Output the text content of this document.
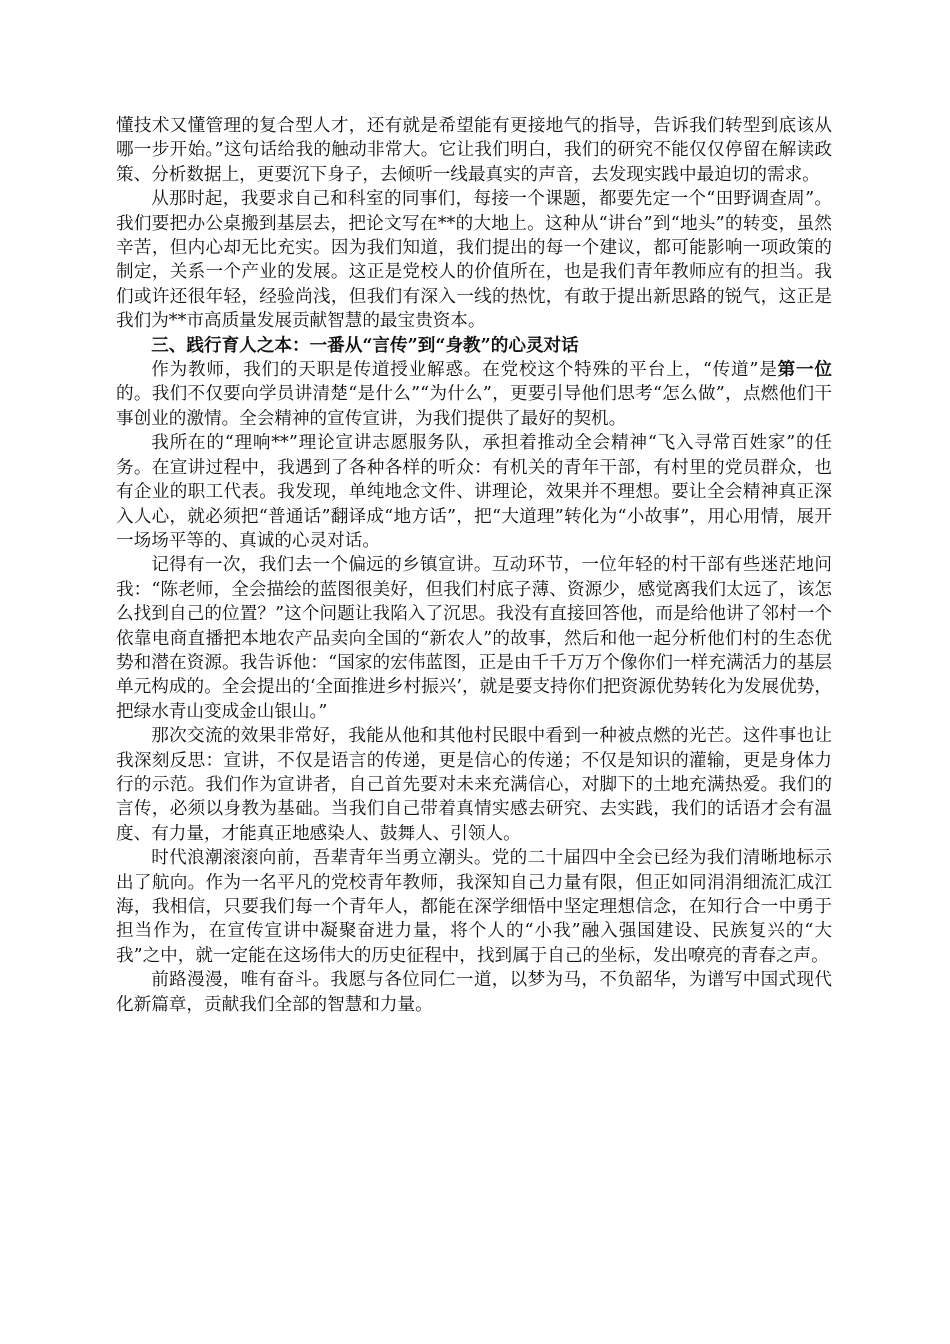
懂技术又懂管理的复合型人才，还有就是希望能有更接地气的指导，告诉我们转型到底该从哪一步开始。”这句话给我的触动非常大。它让我们明白，我们的研究不能仅仅停留在解读政策、分析数据上，更要沉下身子，去倾听一线最真实的声音，去发现实践中最迫切的需求。

从那时起，我要求自己和科室的同事们，每接一个课题，都要先定一个“田野调查周”。我们要把办公桌搬到基层去，把论文写在**的大地上。这种从“讲台”到“地头”的转变，虽然辛苦，但内心却无比充实。因为我们知道，我们提出的每一个建议，都可能影响一项政策的制定，关系一个产业的发展。这正是党校人的价值所在，也是我们青年教师应有的担当。我们或许还很年轻，经验尚浅，但我们有深入一线的热忱，有敢于提出新思路的锐气，这正是我们为**市高质量发展贡献智慧的最宝贵资本。

三、践行育人之本：一番从“言传”到“身教”的心灵对话

作为教师，我们的天职是传道授业解惑。在党校这个特殊的平台上，“传道”是第一位的。我们不仅要向学员讲清楚“是什么”“为什么”，更要引导他们思考“怎么做”，点燃他们干事创业的激情。全会精神的宣传宣讲，为我们提供了最好的契机。

我所在的“理响**”理论宣讲志愿服务队，承担着推动全会精神“飞入寻常百姓家”的任务。在宣讲过程中，我遇到了各种各样的听众：有机关的青年干部，有村里的党员群众，也有企业的职工代表。我发现，单纯地念文件、讲理论，效果并不理想。要让全会精神真正深入人心，就必须把“普通话”翻译成“地方话”，把“大道理”转化为“小故事”，用心用情，展开一场场平等的、真诚的心灵对话。

记得有一次，我们去一个偏远的乡镇宣讲。互动环节，一位年轻的村干部有些迷茫地问我：“陈老师，全会描绘的蓝图很美好，但我们村底子薄、资源少，感觉离我们太远了，该怎么找到自己的位置？”这个问题让我陷入了沉思。我没有直接回答他，而是给他讲了邻村一个依靠电商直播把本地农产品卖向全国的“新农人”的故事，然后和他一起分析他们村的生态优势和潜在资源。我告诉他：“国家的宏伟蓝图，正是由千千万万个像你们一样充满活力的基层单元构成的。全会提出的‘全面推进乡村振兴’，就是要支持你们把资源优势转化为发展优势，把绿水青山变成金山银山。”

那次交流的效果非常好，我能从他和其他村民眼中看到一种被点燃的光芒。这件事也让我深刻反思：宣讲，不仅是语言的传递，更是信心的传递；不仅是知识的灌输，更是身体力行的示范。我们作为宣讲者，自己首先要对未来充满信心，对脚下的土地充满热爱。我们的言传，必须以身教为基础。当我们自己带着真情实感去研究、去实践，我们的话语才会有温度、有力量，才能真正地感染人、鼓舞人、引领人。

时代浪潮滚滚向前，吾辈青年当勇立潮头。党的二十届四中全会已经为我们清晰地标示出了航向。作为一名平凡的党校青年教师，我深知自己力量有限，但正如同涓涓细流汇成江海，我相信，只要我们每一个青年人，都能在深学细悟中坚定理想信念，在知行合一中勇于担当作为，在宣传宣讲中凝聚奋进力量，将个人的“小我”融入强国建设、民族复兴的“大我”之中，就一定能在这场伟大的历史征程中，找到属于自己的坐标，发出嘹亮的青春之声。

前路漫漫，唯有奋斗。我愿与各位同仁一道，以梦为马，不负韶华，为谱写中国式现代化新篇章，贡献我们全部的智慧和力量。
